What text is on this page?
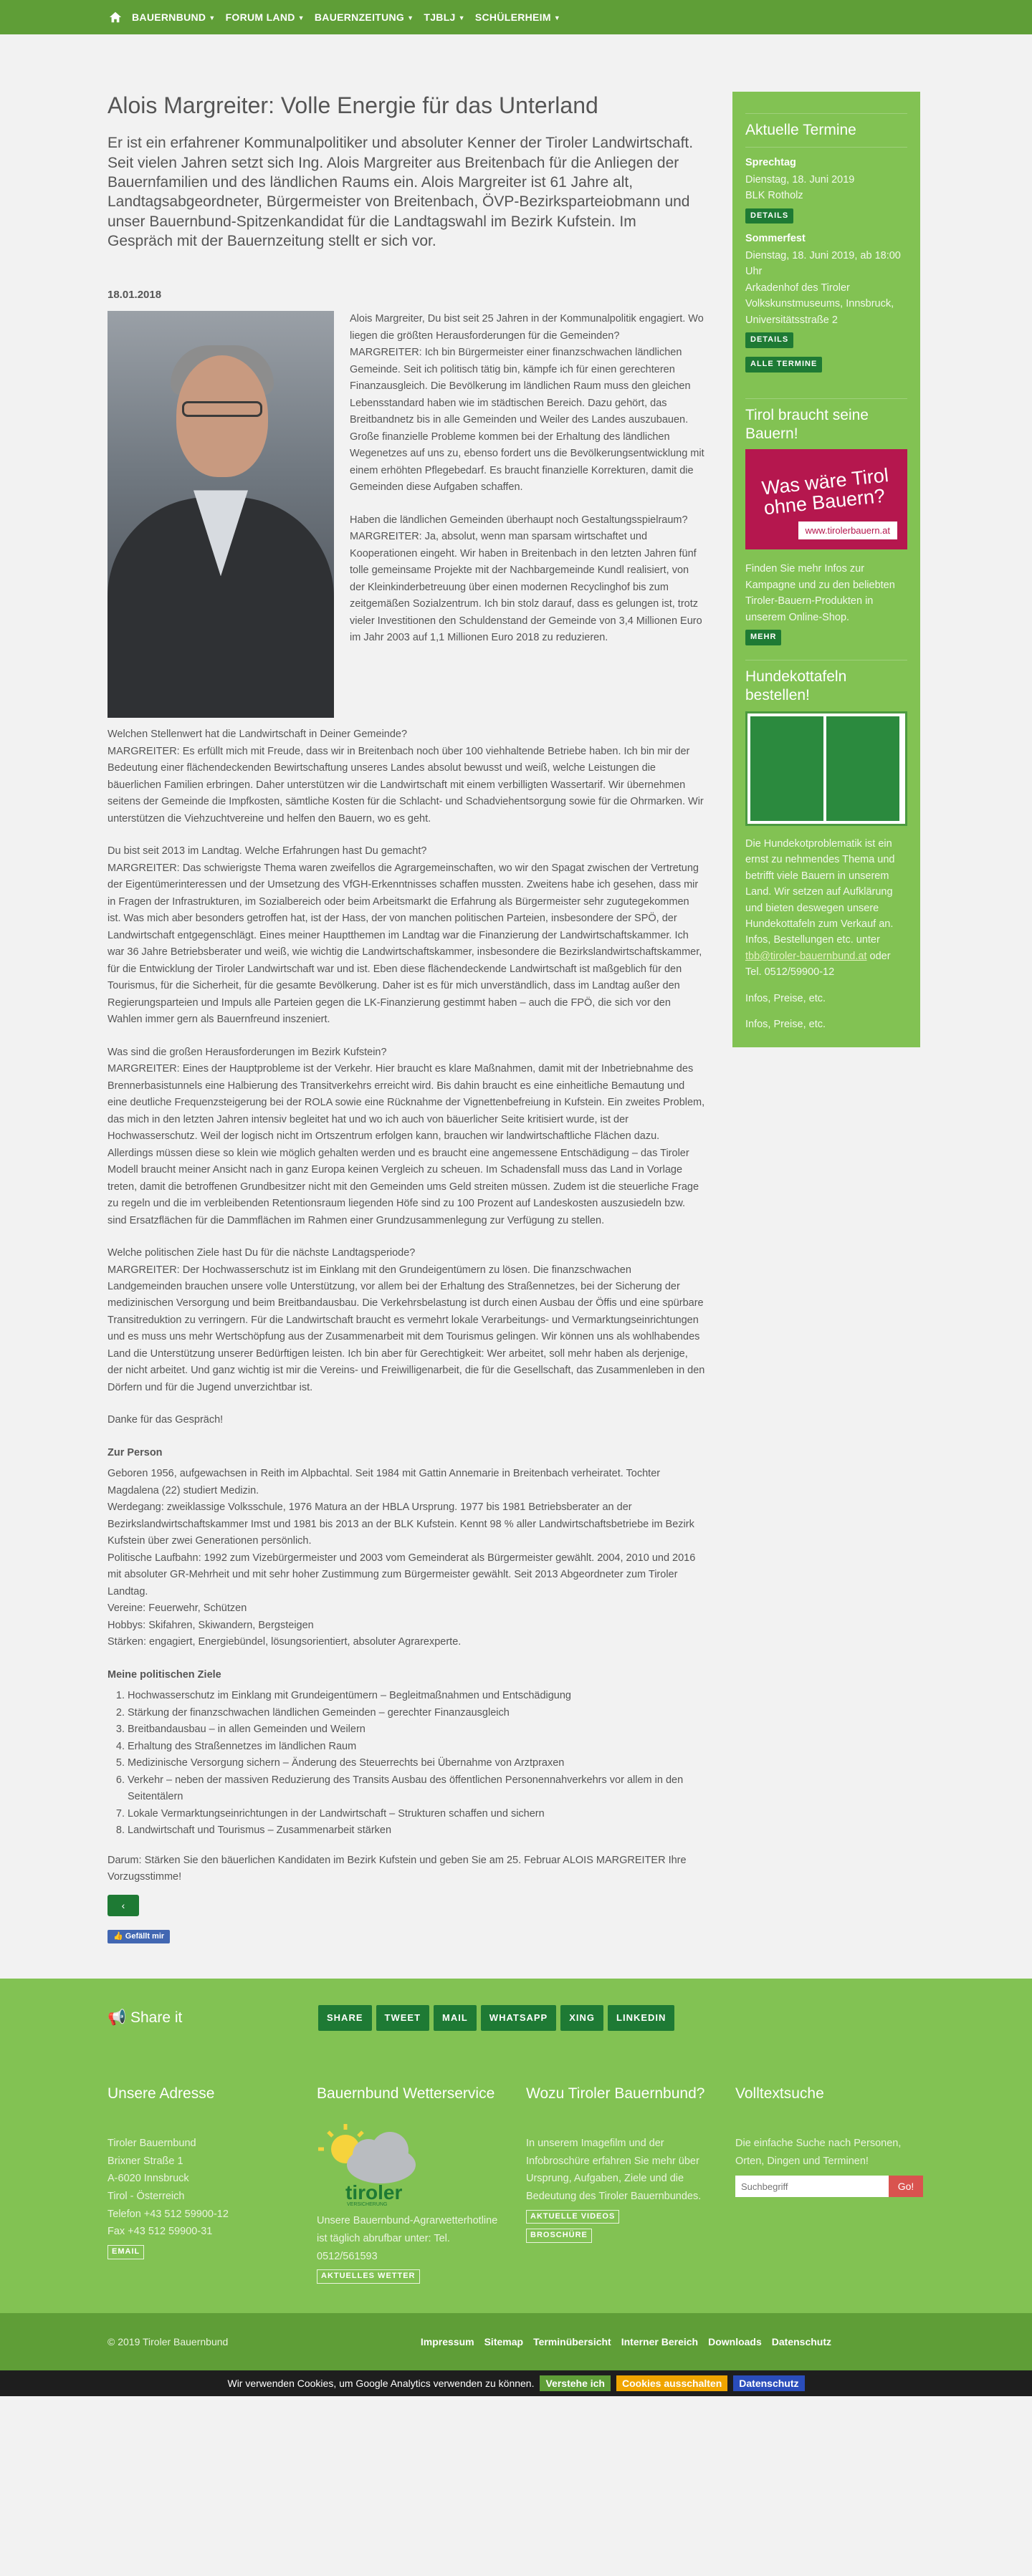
BAUERNBUND ▼ FORUM LAND ▼ BAUERNZEITUNG ▼ TJBLJ ▼ SCHÜLERHEIM ▼
Alois Margreiter: Volle Energie für das Unterland

Er ist ein erfahrener Kommunalpolitiker und absoluter Kenner der Tiroler Landwirtschaft. Seit vielen Jahren setzt sich Ing. Alois Margreiter aus Breitenbach für die Anliegen der Bauernfamilien und des ländlichen Raums ein. Alois Margreiter ist 61 Jahre alt, Landtagsabgeordneter, Bürgermeister von Breitenbach, ÖVP-Bezirksparteiobmann und unser Bauernbund-Spitzenkandidat für die Landtagswahl im Bezirk Kufstein. Im Gespräch mit der Bauernzeitung stellt er sich vor.

18.01.2018

Alois Margreiter, Du bist seit 25 Jahren in der Kommunalpolitik engagiert. Wo liegen die größten Herausforderungen für die Gemeinden?
MARGREITER: Ich bin Bürgermeister einer finanzschwachen ländlichen Gemeinde. Seit ich politisch tätig bin, kämpfe ich für einen gerechteren Finanzausgleich. Die Bevölkerung im ländlichen Raum muss den gleichen Lebensstandard haben wie im städtischen Bereich. Dazu gehört, das Breitbandnetz bis in alle Gemeinden und Weiler des Landes auszubauen. Große finanzielle Probleme kommen bei der Erhaltung des ländlichen Wegenetzes auf uns zu, ebenso fordert uns die Bevölkerungsentwicklung mit einem erhöhten Pflegebedarf. Es braucht finanzielle Korrekturen, damit die Gemeinden diese Aufgaben schaffen.

Haben die ländlichen Gemeinden überhaupt noch Gestaltungsspielraum?
MARGREITER: Ja, absolut, wenn man sparsam wirtschaftet und Kooperationen eingeht. Wir haben in Breitenbach in den letzten Jahren fünf tolle gemeinsame Projekte mit der Nachbargemeinde Kundl realisiert, von der Kleinkinderbetreuung über einen modernen Recyclinghof bis zum zeitgemäßen Sozialzentrum. Ich bin stolz darauf, dass es gelungen ist, trotz vieler Investitionen den Schuldenstand der Gemeinde von 3,4 Millionen Euro im Jahr 2003 auf 1,1 Millionen Euro 2018 zu reduzieren.

Welchen Stellenwert hat die Landwirtschaft in Deiner Gemeinde?
MARGREITER: Es erfüllt mich mit Freude, dass wir in Breitenbach noch über 100 viehhaltende Betriebe haben. Ich bin mir der Bedeutung einer flächendeckenden Bewirtschaftung unseres Landes absolut bewusst und weiß, welche Leistungen die bäuerlichen Familien erbringen. Daher unterstützen wir die Landwirtschaft mit einem verbilligten Wassertarif. Wir übernehmen seitens der Gemeinde die Impfkosten, sämtliche Kosten für die Schlacht- und Schadviehentsorgung sowie für die Ohrmarken. Wir unterstützen die Viehzuchtvereine und helfen den Bauern, wo es geht.

Du bist seit 2013 im Landtag. Welche Erfahrungen hast Du gemacht?
MARGREITER: Das schwierigste Thema waren zweifellos die Agrargemeinschaften, wo wir den Spagat zwischen der Vertretung der Eigentümerinteressen und der Umsetzung des VfGH-Erkenntnisses schaffen mussten. Zweitens habe ich gesehen, dass mir in Fragen der Infrastrukturen, im Sozialbereich oder beim Arbeitsmarkt die Erfahrung als Bürgermeister sehr zugutegekommen ist. Was mich aber besonders getroffen hat, ist der Hass, der von manchen politischen Parteien, insbesondere der SPÖ, der Landwirtschaft entgegenschlägt. Eines meiner Hauptthemen im Landtag war die Finanzierung der Landwirtschaftskammer. Ich war 36 Jahre Betriebsberater und weiß, wie wichtig die Landwirtschaftskammer, insbesondere die Bezirkslandwirtschaftskammer, für die Entwicklung der Tiroler Landwirtschaft war und ist. Eben diese flächendeckende Landwirtschaft ist maßgeblich für den Tourismus, für die Sicherheit, für die gesamte Bevölkerung. Daher ist es für mich unverständlich, dass im Landtag außer den Regierungsparteien und Impuls alle Parteien gegen die LK-Finanzierung gestimmt haben – auch die FPÖ, die sich vor den Wahlen immer gern als Bauernfreund inszeniert.

Was sind die großen Herausforderungen im Bezirk Kufstein?
MARGREITER: Eines der Hauptprobleme ist der Verkehr. Hier braucht es klare Maßnahmen, damit mit der Inbetriebnahme des Brennerbasistunnels eine Halbierung des Transitverkehrs erreicht wird. Bis dahin braucht es eine einheitliche Bemautung und eine deutliche Frequenzsteigerung bei der ROLA sowie eine Rücknahme der Vignettenbefreiung in Kufstein. Ein zweites Problem, das mich in den letzten Jahren intensiv begleitet hat und wo ich auch von bäuerlicher Seite kritisiert wurde, ist der Hochwasserschutz. Weil der logisch nicht im Ortszentrum erfolgen kann, brauchen wir landwirtschaftliche Flächen dazu. Allerdings müssen diese so klein wie möglich gehalten werden und es braucht eine angemessene Entschädigung – das Tiroler Modell braucht meiner Ansicht nach in ganz Europa keinen Vergleich zu scheuen. Im Schadensfall muss das Land in Vorlage treten, damit die betroffenen Grundbesitzer nicht mit den Gemeinden ums Geld streiten müssen. Zudem ist die steuerliche Frage zu regeln und die im verbleibenden Retentionsraum liegenden Höfe sind zu 100 Prozent auf Landeskosten auszusiedeln bzw. sind Ersatzflächen für die Dammflächen im Rahmen einer Grundzusammenlegung zur Verfügung zu stellen.

Welche politischen Ziele hast Du für die nächste Landtagsperiode?
MARGREITER: Der Hochwasserschutz ist im Einklang mit den Grundeigentümern zu lösen. Die finanzschwachen Landgemeinden brauchen unsere volle Unterstützung, vor allem bei der Erhaltung des Straßennetzes, bei der Sicherung der medizinischen Versorgung und beim Breitbandausbau. Die Verkehrsbelastung ist durch einen Ausbau der Öffis und eine spürbare Transitreduktion zu verringern. Für die Landwirtschaft braucht es vermehrt lokale Verarbeitungs- und Vermarktungseinrichtungen und es muss uns mehr Wertschöpfung aus der Zusammenarbeit mit dem Tourismus gelingen. Wir können uns als wohlhabendes Land die Unterstützung unserer Bedürftigen leisten. Ich bin aber für Gerechtigkeit: Wer arbeitet, soll mehr haben als derjenige, der nicht arbeitet. Und ganz wichtig ist mir die Vereins- und Freiwilligenarbeit, die für die Gesellschaft, das Zusammenleben in den Dörfern und für die Jugend unverzichtbar ist.

Danke für das Gespräch!

Zur Person

Geboren 1956, aufgewachsen in Reith im Alpbachtal. Seit 1984 mit Gattin Annemarie in Breitenbach verheiratet. Tochter Magdalena (22) studiert Medizin.
Werdegang: zweiklassige Volksschule, 1976 Matura an der HBLA Ursprung. 1977 bis 1981 Betriebsberater an der Bezirkslandwirtschaftskammer Imst und 1981 bis 2013 an der BLK Kufstein. Kennt 98 % aller Landwirtschaftsbetriebe im Bezirk Kufstein über zwei Generationen persönlich.
Politische Laufbahn: 1992 zum Vizebürgermeister und 2003 vom Gemeinderat als Bürgermeister gewählt. 2004, 2010 und 2016 mit absoluter GR-Mehrheit und mit sehr hoher Zustimmung zum Bürgermeister gewählt. Seit 2013 Abgeordneter zum Tiroler Landtag.
Vereine: Feuerwehr, Schützen
Hobbys: Skifahren, Skiwandern, Bergsteigen
Stärken: engagiert, Energiebündel, lösungsorientiert, absoluter Agrarexperte.

Meine politischen Ziele

1. Hochwasserschutz im Einklang mit Grundeigentümern – Begleitmaßnahmen und Entschädigung
2. Stärkung der finanzschwachen ländlichen Gemeinden – gerechter Finanzausgleich
3. Breitbandausbau – in allen Gemeinden und Weilern
4. Erhaltung des Straßennetzes im ländlichen Raum
5. Medizinische Versorgung sichern – Änderung des Steuerrechts bei Übernahme von Arztpraxen
6. Verkehr – neben der massiven Reduzierung des Transits Ausbau des öffentlichen Personennahverkehrs vor allem in den Seitentälern
7. Lokale Vermarktungseinrichtungen in der Landwirtschaft – Strukturen schaffen und sichern
8. Landwirtschaft und Tourismus – Zusammenarbeit stärken

Darum: Stärken Sie den bäuerlichen Kandidaten im Bezirk Kufstein und geben Sie am 25. Februar ALOIS MARGREITER Ihre Vorzugsstimme!

‹
👍 Gefällt mir
Aktuelle Termine

Sprechtag

Dienstag, 18. Juni 2019
BLK Rotholz

DETAILS

Sommerfest

Dienstag, 18. Juni 2019, ab 18:00 Uhr
Arkadenhof des Tiroler Volkskunstmuseums, Innsbruck, Universitätsstraße 2

DETAILS
ALLE TERMINE
Tirol braucht seine Bauern!
Was wäre Tirol ohne Bauern?
www.tirolerbauern.at

Finden Sie mehr Infos zur Kampagne und zu den beliebten Tiroler-Bauern-Produkten in unserem Online-Shop.

MEHR
Hundekottafeln bestellen!

Die Hundekotproblematik ist ein ernst zu nehmendes Thema und betrifft viele Bauern in unserem Land. Wir setzen auf Aufklärung und bieten deswegen unsere Hundekottafeln zum Verkauf an. Infos, Bestellungen etc. unter tbb@tiroler-bauernbund.at oder Tel. 0512/59900-12

Infos, Preise, etc.

Infos, Preise, etc.

📢 Share it	SHARE	TWEET	MAIL	WHATSAPP	XING	LINKEDIN
Unsere Adresse

Tiroler Bauernbund
Brixner Straße 1
A-6020 Innsbruck
Tirol - Österreich
Telefon +43 512 59900-12
Fax +43 512 59900-31

EMAIL
Bauernbund Wetterservice
tiroler
VERSICHERUNG

Unsere Bauernbund-Agrarwetterhotline ist täglich abrufbar unter: Tel. 0512/561593

AKTUELLES WETTER
Wozu Tiroler Bauernbund?

In unserem Imagefilm und der Infobroschüre erfahren Sie mehr über Ursprung, Aufgaben, Ziele und die Bedeutung des Tiroler Bauernbundes.

AKTUELLE VIDEOS
BROSCHÜRE
Volltextsuche

Die einfache Suche nach Personen, Orten, Dingen und Terminen!

Suchbegriff
Go!
© 2019 Tiroler Bauernbund	Impressum Sitemap Terminübersicht Interner Bereich Downloads Datenschutz
Wir verwenden Cookies, um Google Analytics verwenden zu können.	Verstehe ich	Cookies ausschalten	Datenschutz
